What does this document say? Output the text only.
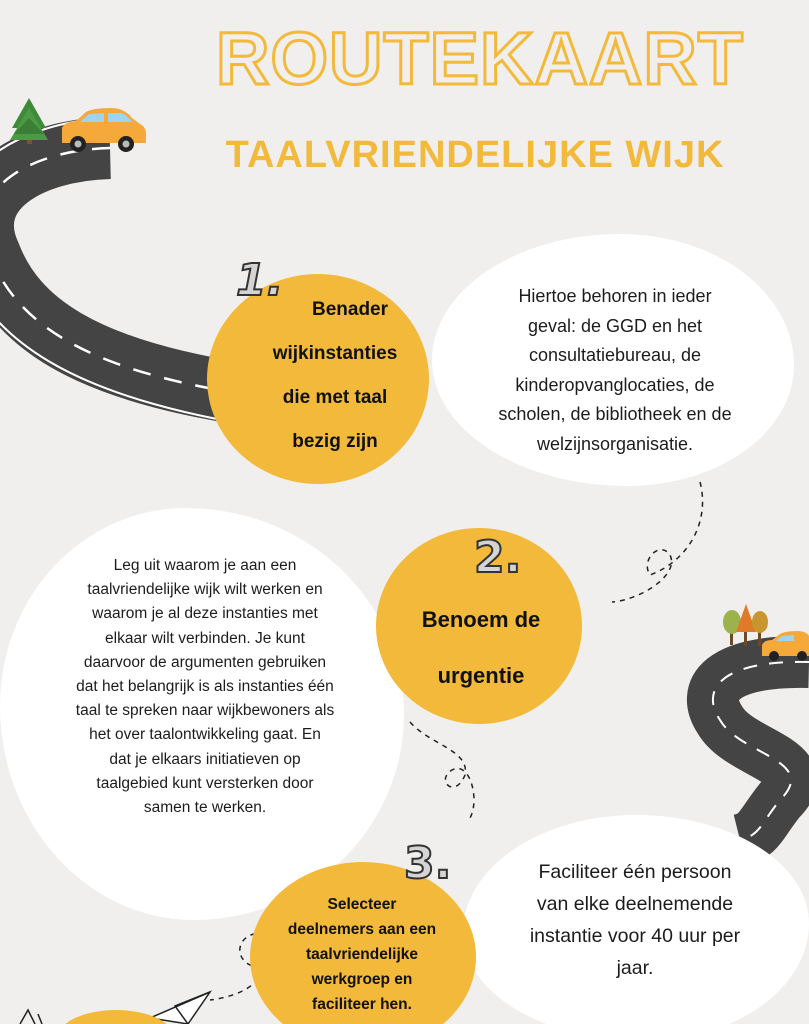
ROUTEKAART
TAALVRIENDELIJKE WIJK
1.
2.
3.
Benader
wijkinstanties
die met taal
bezig zijn
Hiertoe behoren in ieder
geval: de GGD en het
consultatiebureau, de
kinderopvanglocaties, de
scholen, de bibliotheek en de
welzijnsorganisatie.
Benoem de
urgentie
Leg uit waarom je aan een
taalvriendelijke wijk wilt werken en
waarom je al deze instanties met
elkaar wilt verbinden. Je kunt
daarvoor de argumenten gebruiken
dat het belangrijk is als instanties één
taal te spreken naar wijkbewoners als
het over taalontwikkeling gaat. En
dat je elkaars initiatieven op
taalgebied kunt versterken door
samen te werken.
Selecteer
deelnemers aan een
taalvriendelijke
werkgroep en
faciliteer hen.
Faciliteer één persoon
van elke deelnemende
instantie voor 40 uur per
jaar.
